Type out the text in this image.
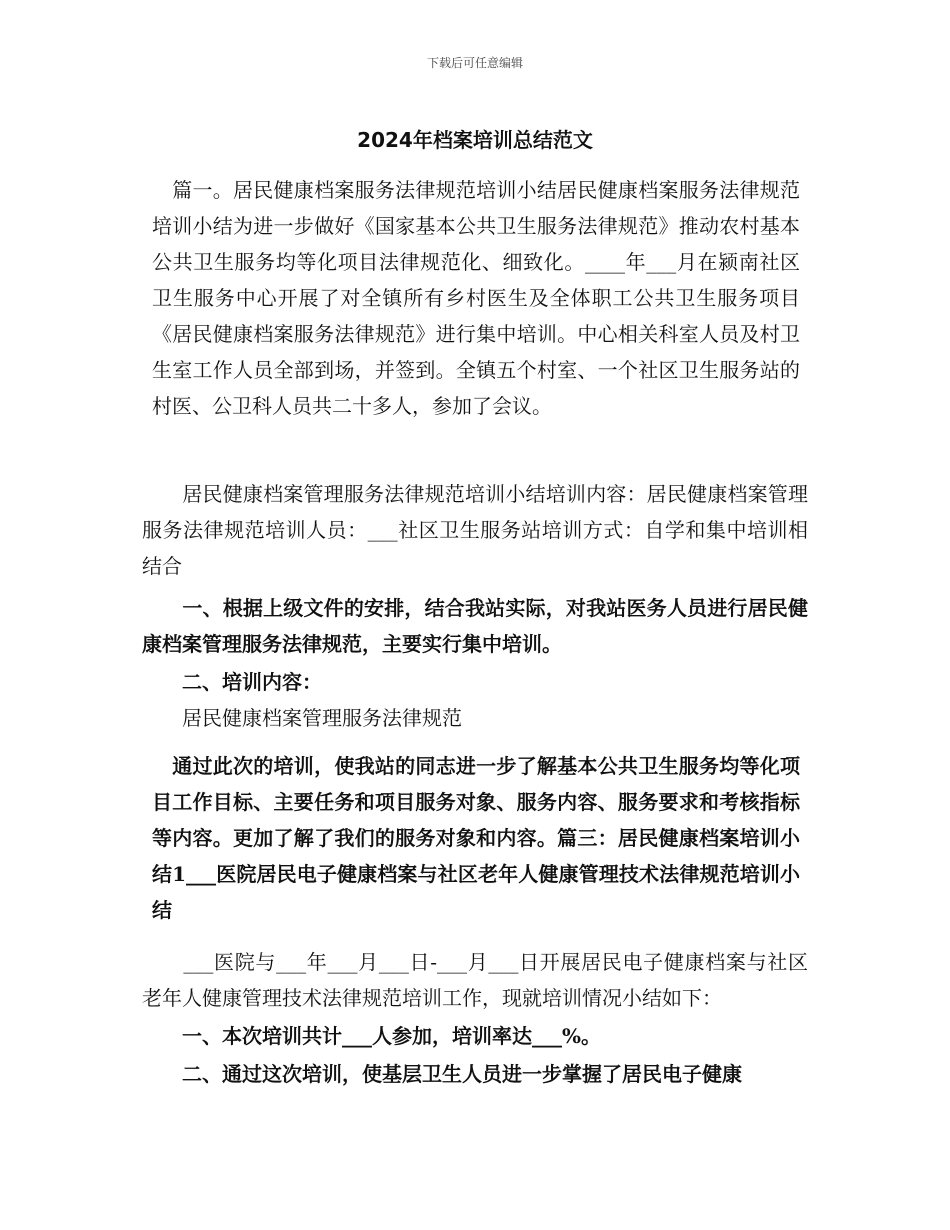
下载后可任意编辑
2024年档案培训总结范文

　篇一。居民健康档案服务法律规范培训小结居民健康档案服务法律规范培训小结为进一步做好《国家基本公共卫生服务法律规范》推动农村基本公共卫生服务均等化项目法律规范化、细致化。____年___月在颍南社区卫生服务中心开展了对全镇所有乡村医生及全体职工公共卫生服务项目《居民健康档案服务法律规范》进行集中培训。中心相关科室人员及村卫生室工作人员全部到场，并签到。全镇五个村室、一个社区卫生服务站的村医、公卫科人员共二十多人，参加了会议。

　　居民健康档案管理服务法律规范培训小结培训内容：居民健康档案管理服务法律规范培训人员：___社区卫生服务站培训方式：自学和集中培训相结合

　　一、根据上级文件的安排，结合我站实际，对我站医务人员进行居民健康档案管理服务法律规范，主要实行集中培训。

　　二、培训内容：

　　居民健康档案管理服务法律规范

　通过此次的培训，使我站的同志进一步了解基本公共卫生服务均等化项目工作目标、主要任务和项目服务对象、服务内容、服务要求和考核指标等内容。更加了解了我们的服务对象和内容。篇三：居民健康档案培训小结1___医院居民电子健康档案与社区老年人健康管理技术法律规范培训小结

　　___医院与___年___月___日-___月___日开展居民电子健康档案与社区老年人健康管理技术法律规范培训工作，现就培训情况小结如下：

　　一、本次培训共计___人参加，培训率达___%。

　　二、通过这次培训，使基层卫生人员进一步掌握了居民电子健康
